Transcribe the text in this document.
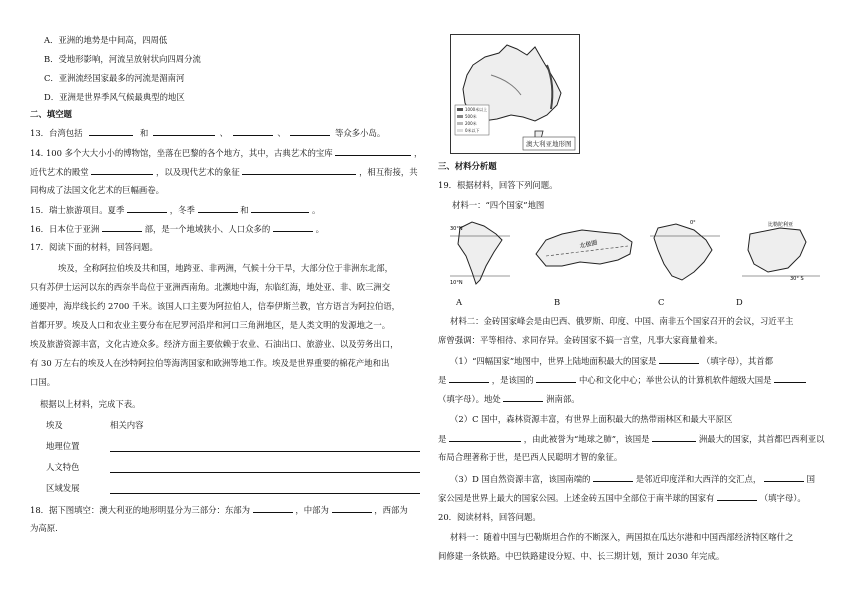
A．亚洲的地势是中间高，四周低
B．受地形影响，河流呈放射状向四周分流
C．亚洲流经国家最多的河流是湄南河
D．亚洲是世界季风气候最典型的地区
二、填空题
13．台湾包括	和	、	、	等众多小岛。
14. 100 多个大大小小的博物馆，坐落在巴黎的各个地方，其中，古典艺术的宝库	，
近代艺术的殿堂	，以及现代艺术的象征	，相互衔接，共
同构成了法国文化艺术的巨幅画卷。
15．瑞士旅游项目。夏季	，冬季	和	。
16．日本位于亚洲	部，是一个地域狭小、人口众多的	。
17．阅读下面的材料，回答问题。
埃及，全称阿拉伯埃及共和国，地跨亚、非两洲，气候十分干旱，大部分位于非洲东北部，
只有苏伊士运河以东的西奈半岛位于亚洲西南角。北濒地中海，东临红海，地处亚、非、欧三洲交
通要冲，海岸线长约 2700 千米。该国人口主要为阿拉伯人，信奉伊斯兰教，官方语言为阿拉伯语，
首都开罗。埃及人口和农业主要分布在尼罗河沿岸和河口三角洲地区，是人类文明的发源地之一。
埃及旅游资源丰富，文化古迹众多。经济方面主要依赖于农业、石油出口、旅游业、以及劳务出口，
有 30 万左右的埃及人在沙特阿拉伯等海湾国家和欧洲等地工作。埃及是世界重要的棉花产地和出
口国。
根据以上材料，完成下表。
埃及	相关内容
地理位置
人文特色
区域发展
18．据下图填空：澳大利亚的地形明显分为三部分：东部为	，中部为	，西部为
为高原.
1000米以上
500米
200米
0米以下
澳大利亚地形图
三、材料分析题
19．根据材料，回答下列问题。
材料一：“四个国家”地图
30°N
10°N
北极圈
0°	比勒陀利亚
30° S
A	B	C	D
材料二：金砖国家峰会是由巴西、俄罗斯、印度、中国、南非五个国家召开的会议，习近平主
席曾强调：平等相待、求同存异。金砖国家不搞一言堂，凡事大家商量着来。
（1）“四幅国家”地图中，世界上陆地面积最大的国家是	（填字母），其首都
是	，是该国的	中心和文化中心；举世公认的计算机软件超级大国是
（填字母）。地处	洲南部。
（2）C 国中，森林资源丰富，有世界上面积最大的热带雨林区和最大平原区
是	，由此被誉为“地球之肺”，该国是	洲最大的国家，其首都巴西利亚以
布局合理著称于世，是巴西人民聪明才智的象征。
（3）D 国自然资源丰富，该国南端的	是邻近印度洋和大西洋的交汇点，	国
家公园是世界上最大的国家公园。上述金砖五国中全部位于南半球的国家有	（填字母）。
20．阅读材料，回答问题。
材料一：随着中国与巴勒斯坦合作的不断深入，两国拟在瓜达尔港和中国西部经济特区喀什之
间修建一条铁路。中巴铁路建设分短、中、长三期计划，预计 2030 年完成。
